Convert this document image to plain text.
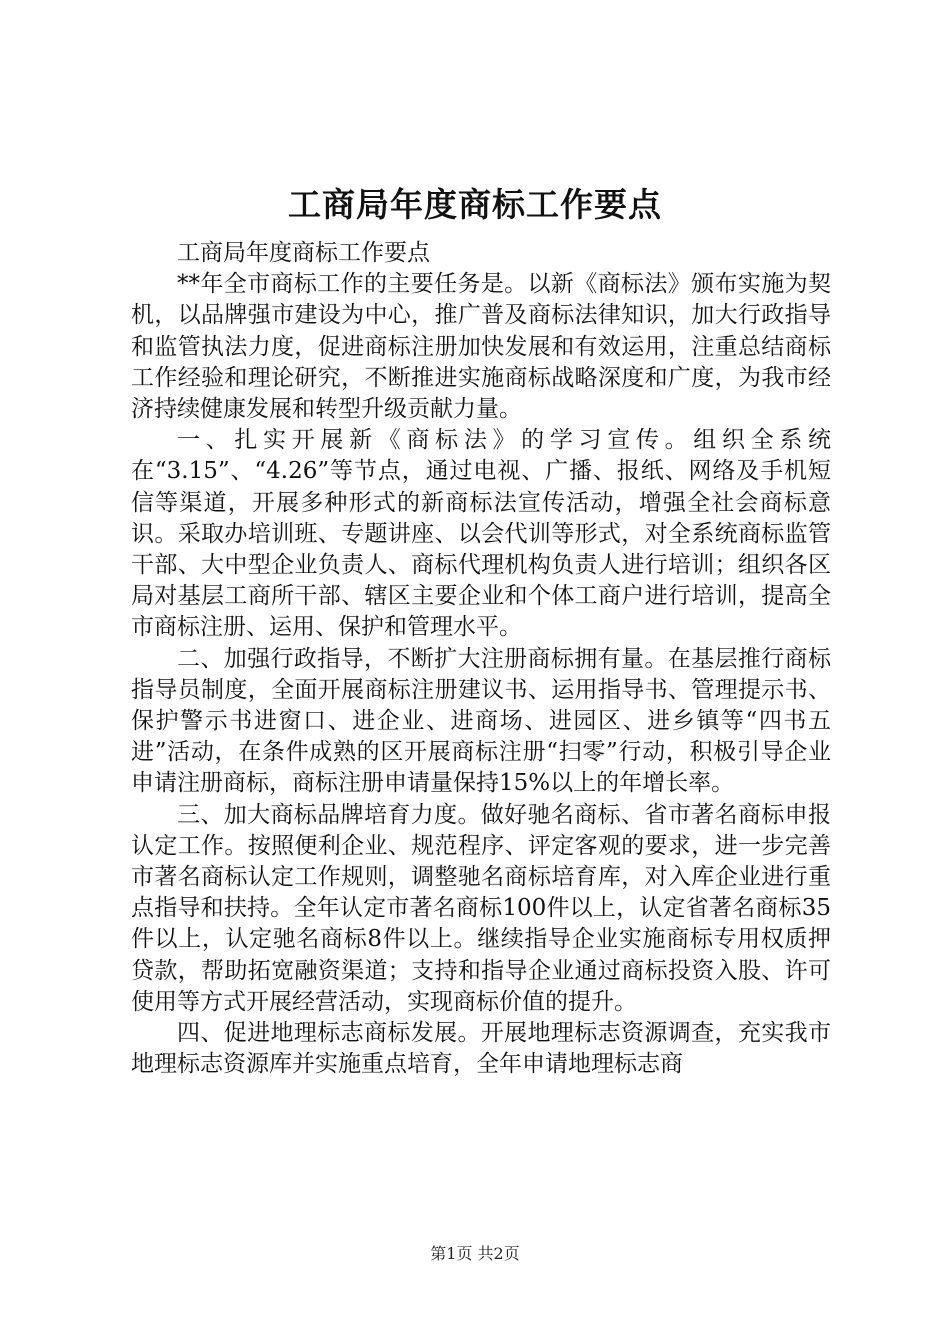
工商局年度商标工作要点

工商局年度商标工作要点

**年全市商标工作的主要任务是。以新《商标法》颁布实施为契机，以品牌强市建设为中心，推广普及商标法律知识，加大行政指导和监管执法力度，促进商标注册加快发展和有效运用，注重总结商标工作经验和理论研究，不断推进实施商标战略深度和广度，为我市经济持续健康发展和转型升级贡献力量。

一、扎实开展新《商标法》的学习宣传。组织全系统在“3.15”、“4.26”等节点，通过电视、广播、报纸、网络及手机短信等渠道，开展多种形式的新商标法宣传活动，增强全社会商标意识。采取办培训班、专题讲座、以会代训等形式，对全系统商标监管干部、大中型企业负责人、商标代理机构负责人进行培训；组织各区局对基层工商所干部、辖区主要企业和个体工商户进行培训，提高全市商标注册、运用、保护和管理水平。

二、加强行政指导，不断扩大注册商标拥有量。在基层推行商标指导员制度，全面开展商标注册建议书、运用指导书、管理提示书、保护警示书进窗口、进企业、进商场、进园区、进乡镇等“四书五进”活动，在条件成熟的区开展商标注册“扫零”行动，积极引导企业申请注册商标，商标注册申请量保持15%以上的年增长率。

三、加大商标品牌培育力度。做好驰名商标、省市著名商标申报认定工作。按照便利企业、规范程序、评定客观的要求，进一步完善市著名商标认定工作规则，调整驰名商标培育库，对入库企业进行重点指导和扶持。全年认定市著名商标100件以上，认定省著名商标35件以上，认定驰名商标8件以上。继续指导企业实施商标专用权质押贷款，帮助拓宽融资渠道；支持和指导企业通过商标投资入股、许可使用等方式开展经营活动，实现商标价值的提升。

四、促进地理标志商标发展。开展地理标志资源调查，充实我市地理标志资源库并实施重点培育，全年申请地理标志商

第1页 共2页
